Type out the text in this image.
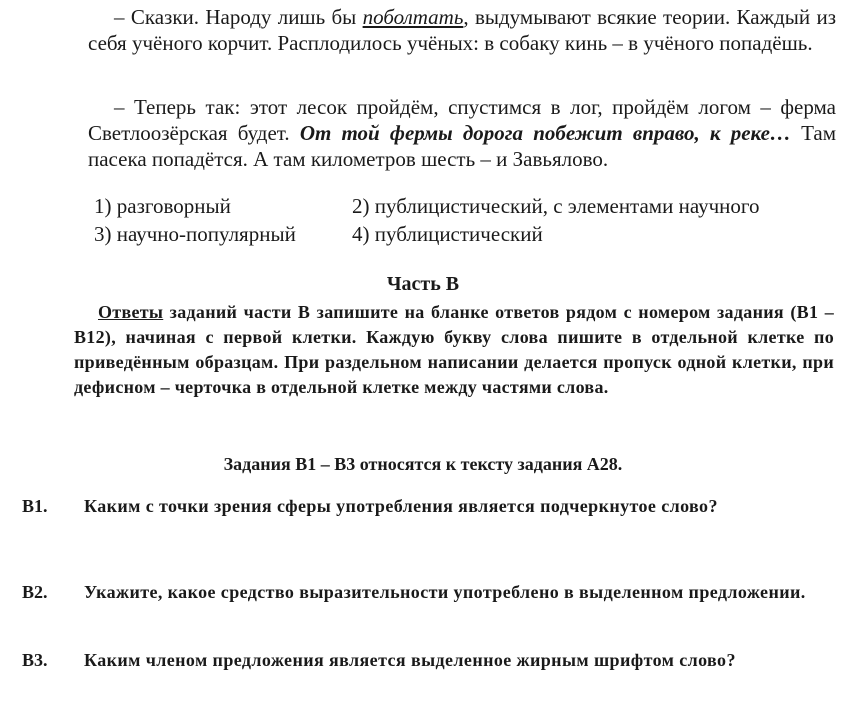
– Сказки. Народу лишь бы поболтать, выдумывают всякие теории. Каждый из себя учёного корчит. Расплодилось учёных: в собаку кинь – в учёного попадёшь.
– Теперь так: этот лесок пройдём, спустимся в лог, пройдём логом – ферма Светлоозёрская будет. От той фермы дорога побежит вправо, к реке… Там пасека попадётся. А там километров шесть – и Завьялово.
1) разговорный	2) публицистический, с элементами научного
3) научно-популярный	4) публицистический
Часть В
Ответы заданий части В запишите на бланке ответов рядом с номером задания (В1 – В12), начиная с первой клетки. Каждую букву слова пишите в отдельной клетке по приведённым образцам. При раздельном написании делается пропуск одной клетки, при дефисном – черточка в отдельной клетке между частями слова.
Задания В1 – В3 относятся к тексту задания А28.
В1.	Каким с точки зрения сферы употребления является подчеркнутое слово?
В2.	Укажите, какое средство выразительности употреблено в выделенном предложении.
В3.	Каким членом предложения является выделенное жирным шрифтом слово?
